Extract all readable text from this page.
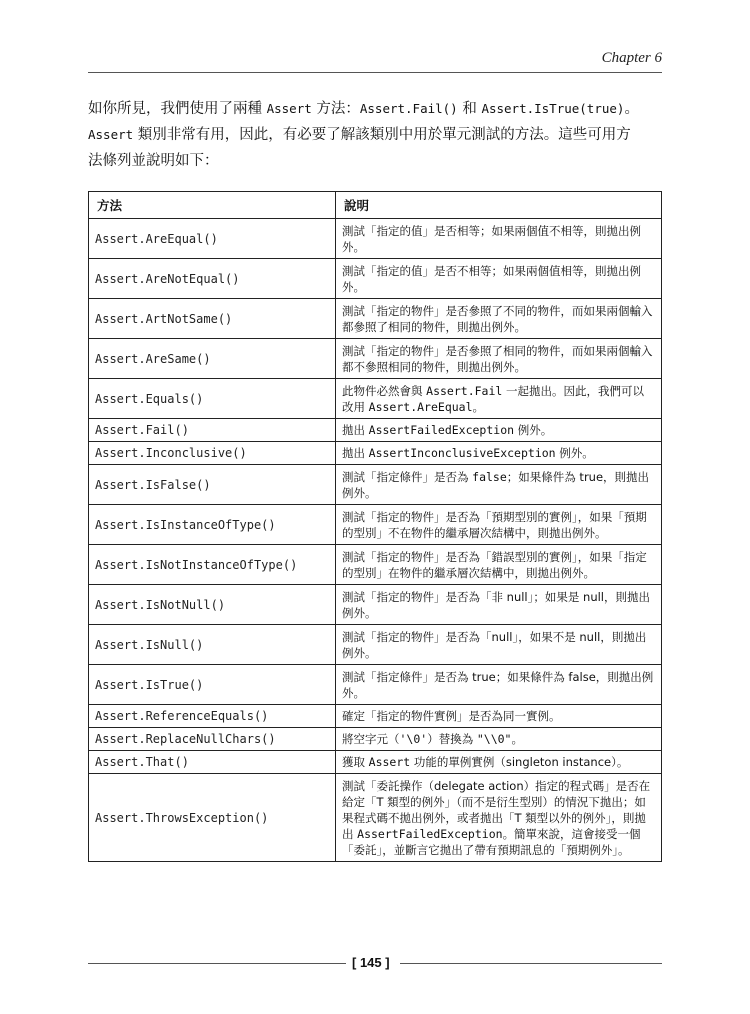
Chapter 6
如你所見，我們使用了兩種 Assert 方法：Assert.Fail() 和 Assert.IsTrue(true)。
Assert 類別非常有用，因此，有必要了解該類別中用於單元測試的方法。這些可用方
法條列並說明如下：
方法	說明
Assert.AreEqual()	測試「指定的值」是否相等；如果兩個值不相等，則拋出例外。
Assert.AreNotEqual()	測試「指定的值」是否不相等；如果兩個值相等，則拋出例外。
Assert.ArtNotSame()	測試「指定的物件」是否參照了不同的物件，而如果兩個輸入都參照了相同的物件，則拋出例外。
Assert.AreSame()	測試「指定的物件」是否參照了相同的物件，而如果兩個輸入都不參照相同的物件，則拋出例外。
Assert.Equals()	此物件必然會與 Assert.Fail 一起拋出。因此，我們可以改用 Assert.AreEqual。
Assert.Fail()	拋出 AssertFailedException 例外。
Assert.Inconclusive()	拋出 AssertInconclusiveException 例外。
Assert.IsFalse()	測試「指定條件」是否為 false；如果條件為 true，則拋出例外。
Assert.IsInstanceOfType()	測試「指定的物件」是否為「預期型別的實例」，如果「預期的型別」不在物件的繼承層次結構中，則拋出例外。
Assert.IsNotInstanceOfType()	測試「指定的物件」是否為「錯誤型別的實例」，如果「指定的型別」在物件的繼承層次結構中，則拋出例外。
Assert.IsNotNull()	測試「指定的物件」是否為「非 null」；如果是 null，則拋出例外。
Assert.IsNull()	測試「指定的物件」是否為「null」，如果不是 null，則拋出例外。
Assert.IsTrue()	測試「指定條件」是否為 true；如果條件為 false，則拋出例外。
Assert.ReferenceEquals()	確定「指定的物件實例」是否為同一實例。
Assert.ReplaceNullChars()	將空字元（'\0'）替換為 "\\0"。
Assert.That()	獲取 Assert 功能的單例實例（singleton instance）。
Assert.ThrowsException()	測試「委託操作（delegate action）指定的程式碼」是否在給定「T 類型的例外」（而不是衍生型別）的情況下拋出；如果程式碼不拋出例外，或者拋出「T 類型以外的例外」，則拋出 AssertFailedException。簡單來說，這會接受一個「委託」，並斷言它拋出了帶有預期訊息的「預期例外」。
[ 145 ]
